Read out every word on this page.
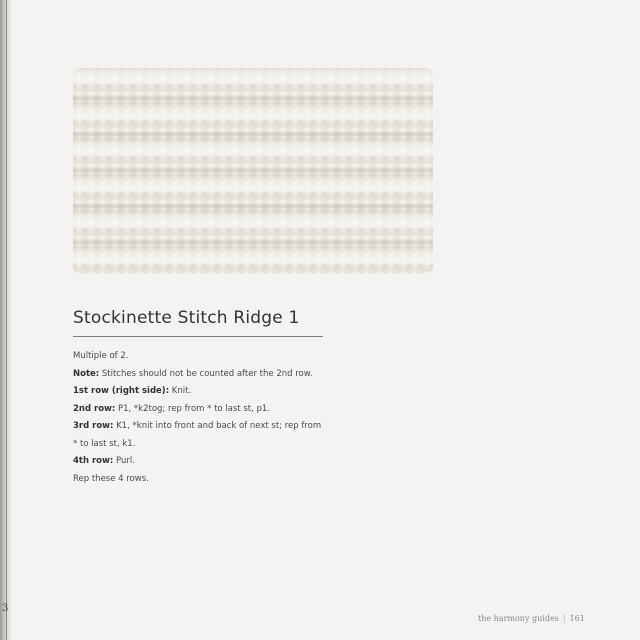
3
Stockinette Stitch Ridge 1
Multiple of 2.
Note: Stitches should not be counted after the 2nd row.
1st row (right side): Knit.
2nd row: P1, *k2tog; rep from * to last st, p1.
3rd row: K1, *knit into front and back of next st; rep from
* to last st, k1.
4th row: Purl.
Rep these 4 rows.
the harmony guides | 161
